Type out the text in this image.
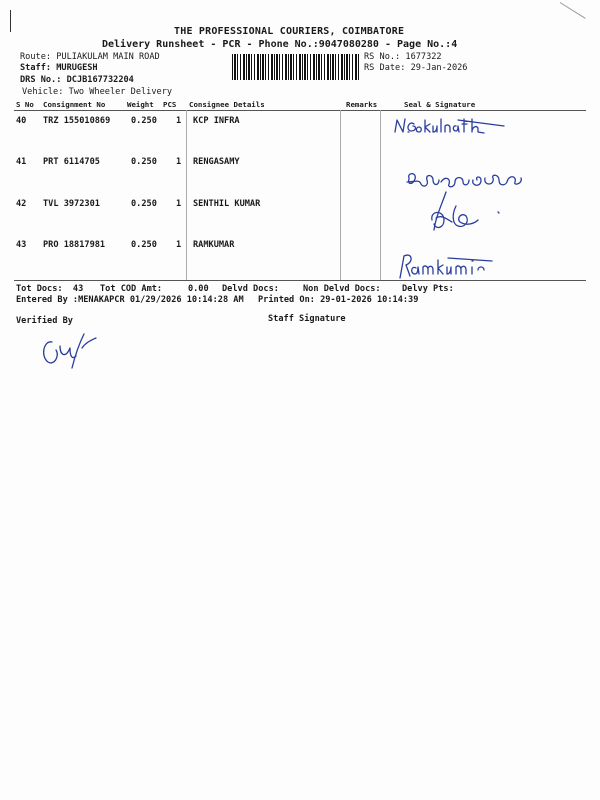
THE PROFESSIONAL COURIERS, COIMBATORE
Delivery Runsheet - PCR - Phone No.:9047080280 - Page No.:4
Route: PULIAKULAM MAIN ROAD
Staff: MURUGESH
DRS No.: DCJB167732204
Vehicle: Two Wheeler Delivery
RS No.: 1677322
RS Date: 29-Jan-2026
S No Consignment No	Weight PCS Consignee Details	Remarks	Seal & Signature
40 TRZ 155010869 0.250 1 KCP INFRA
41 PRT 6114705	0.250 1 RENGASAMY
42 TVL 3972301	0.250 1 SENTHIL KUMAR
43 PRO 18817981	0.250 1 RAMKUMAR
Tot Docs:  43 Tot COD Amt:     0.00 Delvd Docs:	Non Delvd Docs: Delvy Pts:
Entered By :MENAKAPCR 01/29/2026 10:14:28 AM Printed On: 29-01-2026 10:14:39
Verified By	Staff Signature
